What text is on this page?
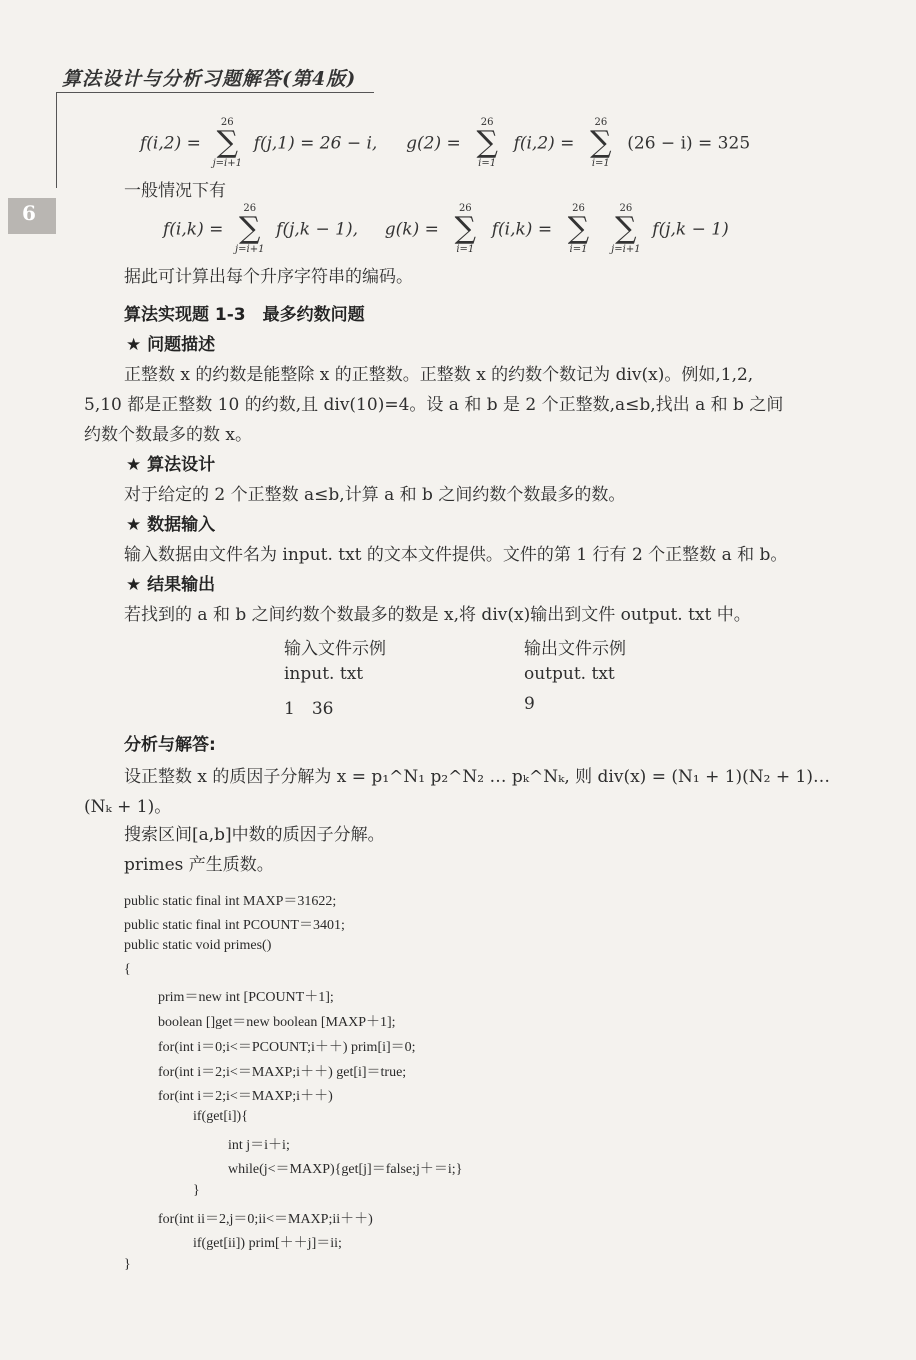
算法设计与分析习题解答(第4版)
6
f(i,2) =
26
∑
j=i+1
f(j,1) = 26 − i, g(2) =
26
∑
i=1
f(i,2) =
26
∑
i=1
(26 − i) = 325
一般情况下有
f(i,k) =
26
∑
j=i+1
f(j,k − 1), g(k) =
26
∑
i=1
f(i,k) =
26
∑
i=1

26
∑
j=i+1
f(j,k − 1)
据此可计算出每个升序字符串的编码。
算法实现题 1-3　最多约数问题
★ 问题描述
正整数 x 的约数是能整除 x 的正整数。正整数 x 的约数个数记为 div(x)。例如,1,2,
5,10 都是正整数 10 的约数,且 div(10)=4。设 a 和 b 是 2 个正整数,a≤b,找出 a 和 b 之间
约数个数最多的数 x。
★ 算法设计
对于给定的 2 个正整数 a≤b,计算 a 和 b 之间约数个数最多的数。
★ 数据输入
输入数据由文件名为 input. txt 的文本文件提供。文件的第 1 行有 2 个正整数 a 和 b。
★ 结果输出
若找到的 a 和 b 之间约数个数最多的数是 x,将 div(x)输出到文件 output. txt 中。
输入文件示例
input. txt
1　36
输出文件示例
output. txt
9
分析与解答:
设正整数 x 的质因子分解为 x = p₁^N₁ p₂^N₂ … pₖ^Nₖ, 则 div(x) = (N₁ + 1)(N₂ + 1)…
(Nₖ + 1)。
搜索区间[a,b]中数的质因子分解。
primes 产生质数。
public static final int MAXP＝31622;
public static final int PCOUNT＝3401;
public static void primes()
{
prim＝new int [PCOUNT＋1];
boolean []get＝new boolean [MAXP＋1];
for(int i＝0;i<＝PCOUNT;i＋＋) prim[i]＝0;
for(int i＝2;i<＝MAXP;i＋＋) get[i]＝true;
for(int i＝2;i<＝MAXP;i＋＋)
if(get[i]){
int j＝i＋i;
while(j<＝MAXP){get[j]＝false;j＋＝i;}
}
for(int ii＝2,j＝0;ii<＝MAXP;ii＋＋)
if(get[ii]) prim[＋＋j]＝ii;
}
